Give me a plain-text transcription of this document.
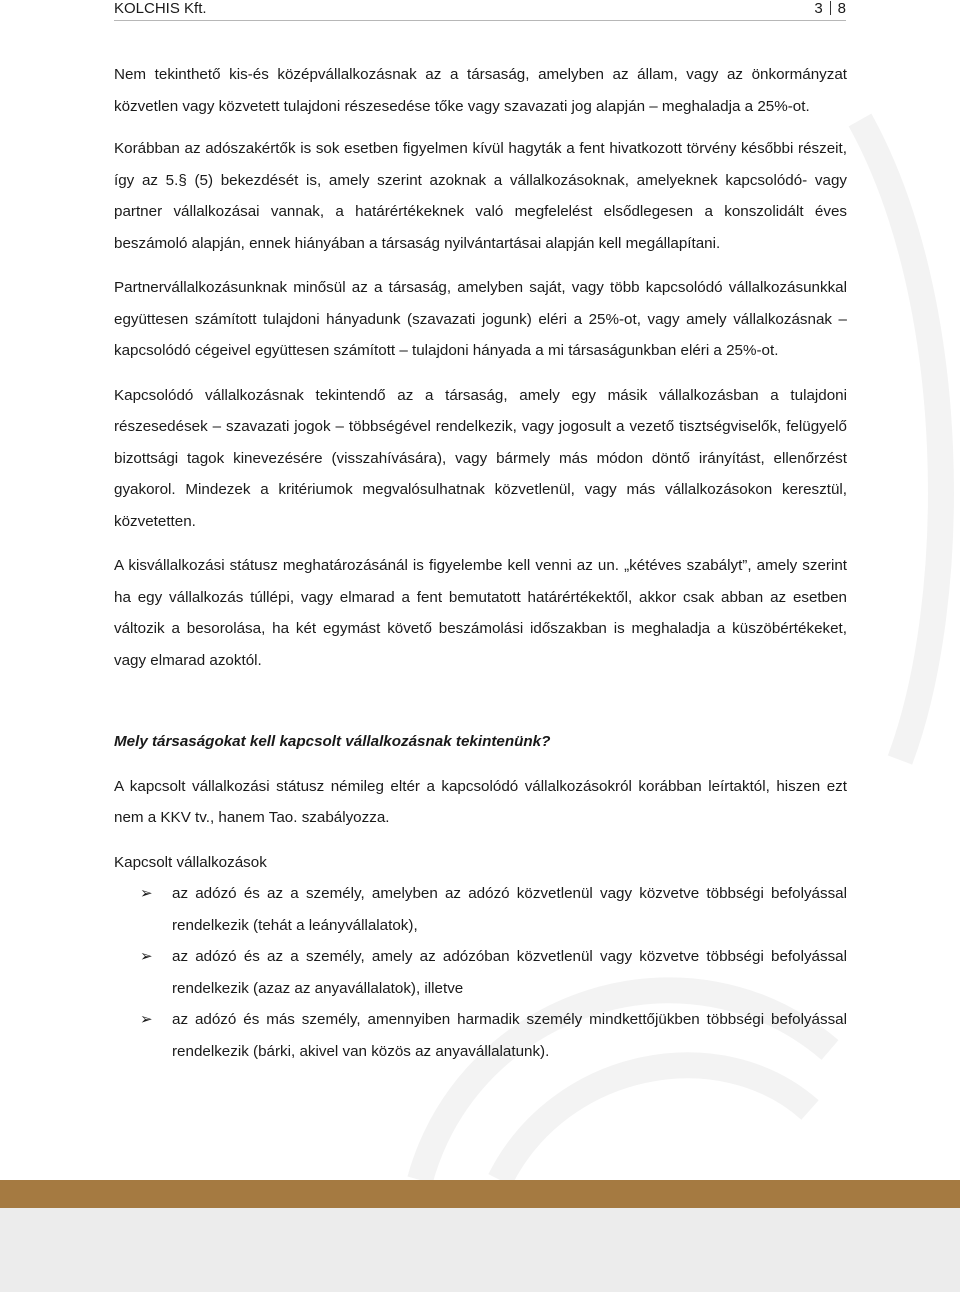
KOLCHIS Kft.	3 8

Nem tekinthető kis-és középvállalkozásnak az a társaság, amelyben az állam, vagy az önkormányzat közvetlen vagy közvetett tulajdoni részesedése tőke vagy szavazati jog alapján – meghaladja a 25%-ot.

Korábban az adószakértők is sok esetben figyelmen kívül hagyták a fent hivatkozott törvény későbbi részeit, így az 5.§ (5) bekezdését is, amely szerint azoknak a vállalkozásoknak, amelyeknek kapcsolódó- vagy partner vállalkozásai vannak, a határértékeknek való megfelelést elsődlegesen a konszolidált éves beszámoló alapján, ennek hiányában a társaság nyilvántartásai alapján kell megállapítani.

Partnervállalkozásunknak minősül az a társaság, amelyben saját, vagy több kapcsolódó vállalkozásunkkal együttesen számított tulajdoni hányadunk (szavazati jogunk) eléri a 25%-ot, vagy amely vállalkozásnak – kapcsolódó cégeivel együttesen számított – tulajdoni hányada a mi társaságunkban eléri a 25%-ot.

Kapcsolódó vállalkozásnak tekintendő az a társaság, amely egy másik vállalkozásban a tulajdoni részesedések – szavazati jogok – többségével rendelkezik, vagy jogosult a vezető tisztségviselők, felügyelő bizottsági tagok kinevezésére (visszahívására), vagy bármely más módon döntő irányítást, ellenőrzést gyakorol. Mindezek a kritériumok megvalósulhatnak közvetlenül, vagy más vállalkozásokon keresztül, közvetetten.

A kisvállalkozási státusz meghatározásánál is figyelembe kell venni az un. „kétéves szabályt”, amely szerint ha egy vállalkozás túllépi, vagy elmarad a fent bemutatott határértékektől, akkor csak abban az esetben változik a besorolása, ha két egymást követő beszámolási időszakban is meghaladja a küszöbértékeket, vagy elmarad azoktól.

Mely társaságokat kell kapcsolt vállalkozásnak tekintenünk?

A kapcsolt vállalkozási státusz némileg eltér a kapcsolódó vállalkozásokról korábban leírtaktól, hiszen ezt nem a KKV tv., hanem Tao. szabályozza.

Kapcsolt vállalkozások

➢ az adózó és az a személy, amelyben az adózó közvetlenül vagy közvetve többségi befolyással rendelkezik (tehát a leányvállalatok),
➢ az adózó és az a személy, amely az adózóban közvetlenül vagy közvetve többségi befolyással rendelkezik (azaz az anyavállalatok), illetve
➢ az adózó és más személy, amennyiben harmadik személy mindkettőjükben többségi befolyással rendelkezik (bárki, akivel van közös az anyavállalatunk).
